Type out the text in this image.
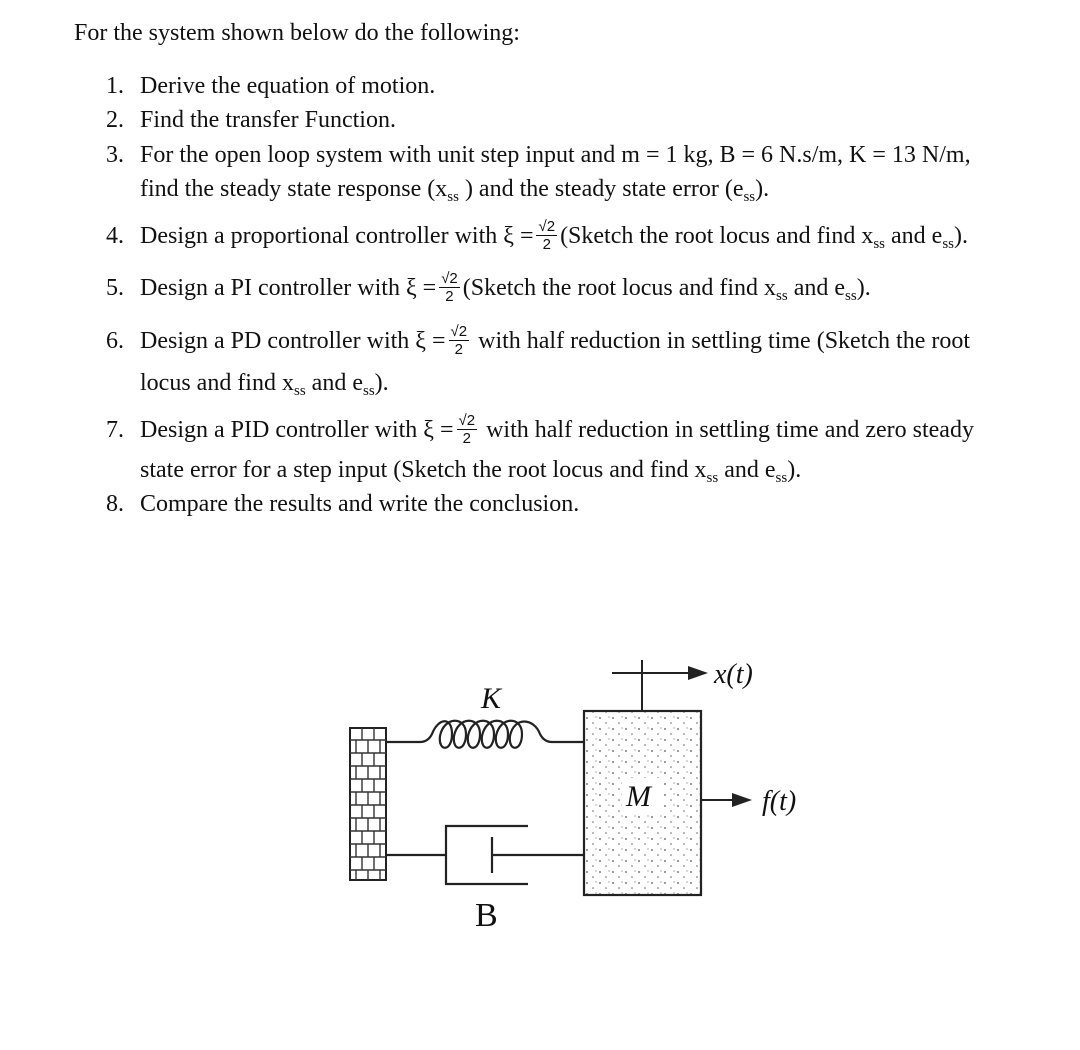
For the system shown below do the following:
1. Derive the equation of motion.
2. Find the transfer Function.
3. For the open loop system with unit step input and m = 1 kg, B = 6 N.s/m, K = 13 N/m,
find the steady state response ($x_{ss}$ ) and the steady state error $(e_{ss})$.
4. Design a proportional controller with $\xi = \frac{√2}{2}$ (Sketch the root locus and find $x_{ss}$ and $e_{ss}$).
5. Design a PI controller with $\xi = \frac{√2}{2}$ (Sketch the root locus and find $x_{ss}$ and $e_{ss}$).
6. Design a PD controller with $\xi = \frac{√2}{2}$ with half reduction in settling time (Sketch the root
locus and find $x_{ss}$ and $e_{ss}$).
7. Design a PID controller with $\xi = \frac{√2}{2}$ with half reduction in settling time and zero steady
state error for a step input (Sketch the root locus and find $x_{ss}$ and $e_{ss}$).
8. Compare the results and write the conclusion.
K
B
M
x(t)
f(t)
